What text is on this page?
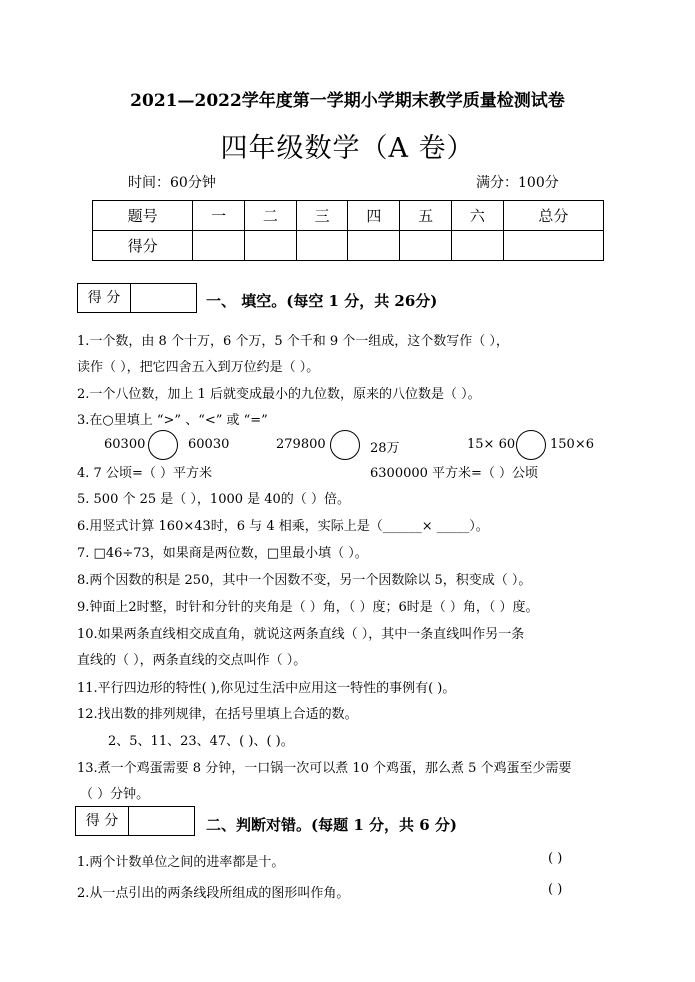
2021—2022学年度第一学期小学期末教学质量检测试卷
四年级数学（A 卷）
时间：60分钟	满分：100分
题号	一	二	三	四	五	六	总分
得分							
得 分	一、 填空。(每空 1 分，共 26分)
1.一个数，由 8 个十万，6 个万，5 个千和 9 个一组成，这个数写作（ ），
读作（ ），把它四舍五入到万位约是（ ）。
2.一个八位数，加上 1 后就变成最小的九位数，原来的八位数是（ ）。
3.在○里填上 “>” 、“<” 或 “=”
60300	60030	279800	28万	15× 60	150×6
4. 7 公顷=（ ）平方米	6300000 平方米=（ ）公顷
5. 500 个 25 是（ ），1000 是 40的（ ）倍。
6.用竖式计算 160×43时，6 与 4 相乘，实际上是（______× _____）。
7. □46÷73，如果商是两位数，□里最小填（ ）。
8.两个因数的积是 250，其中一个因数不变，另一个因数除以 5，积变成（ ）。
9.钟面上2时整，时针和分针的夹角是（ ）角，（ ）度；6时是（ ）角，（ ）度。
10.如果两条直线相交成直角，就说这两条直线（ ），其中一条直线叫作另一条
直线的（ ），两条直线的交点叫作（ ）。
11.平行四边形的特性( ),你见过生活中应用这一特性的事例有( )。
12.找出数的排列规律，在括号里填上合适的数。
2、5、11、23、47、( )、( )。
13.煮一个鸡蛋需要 8 分钟，一口锅一次可以煮 10 个鸡蛋，那么煮 5 个鸡蛋至少需要
（ ）分钟。
得 分	二、判断对错。(每题 1 分，共 6 分)
1.两个计数单位之间的进率都是十。	( )
2.从一点引出的两条线段所组成的图形叫作角。	( )
